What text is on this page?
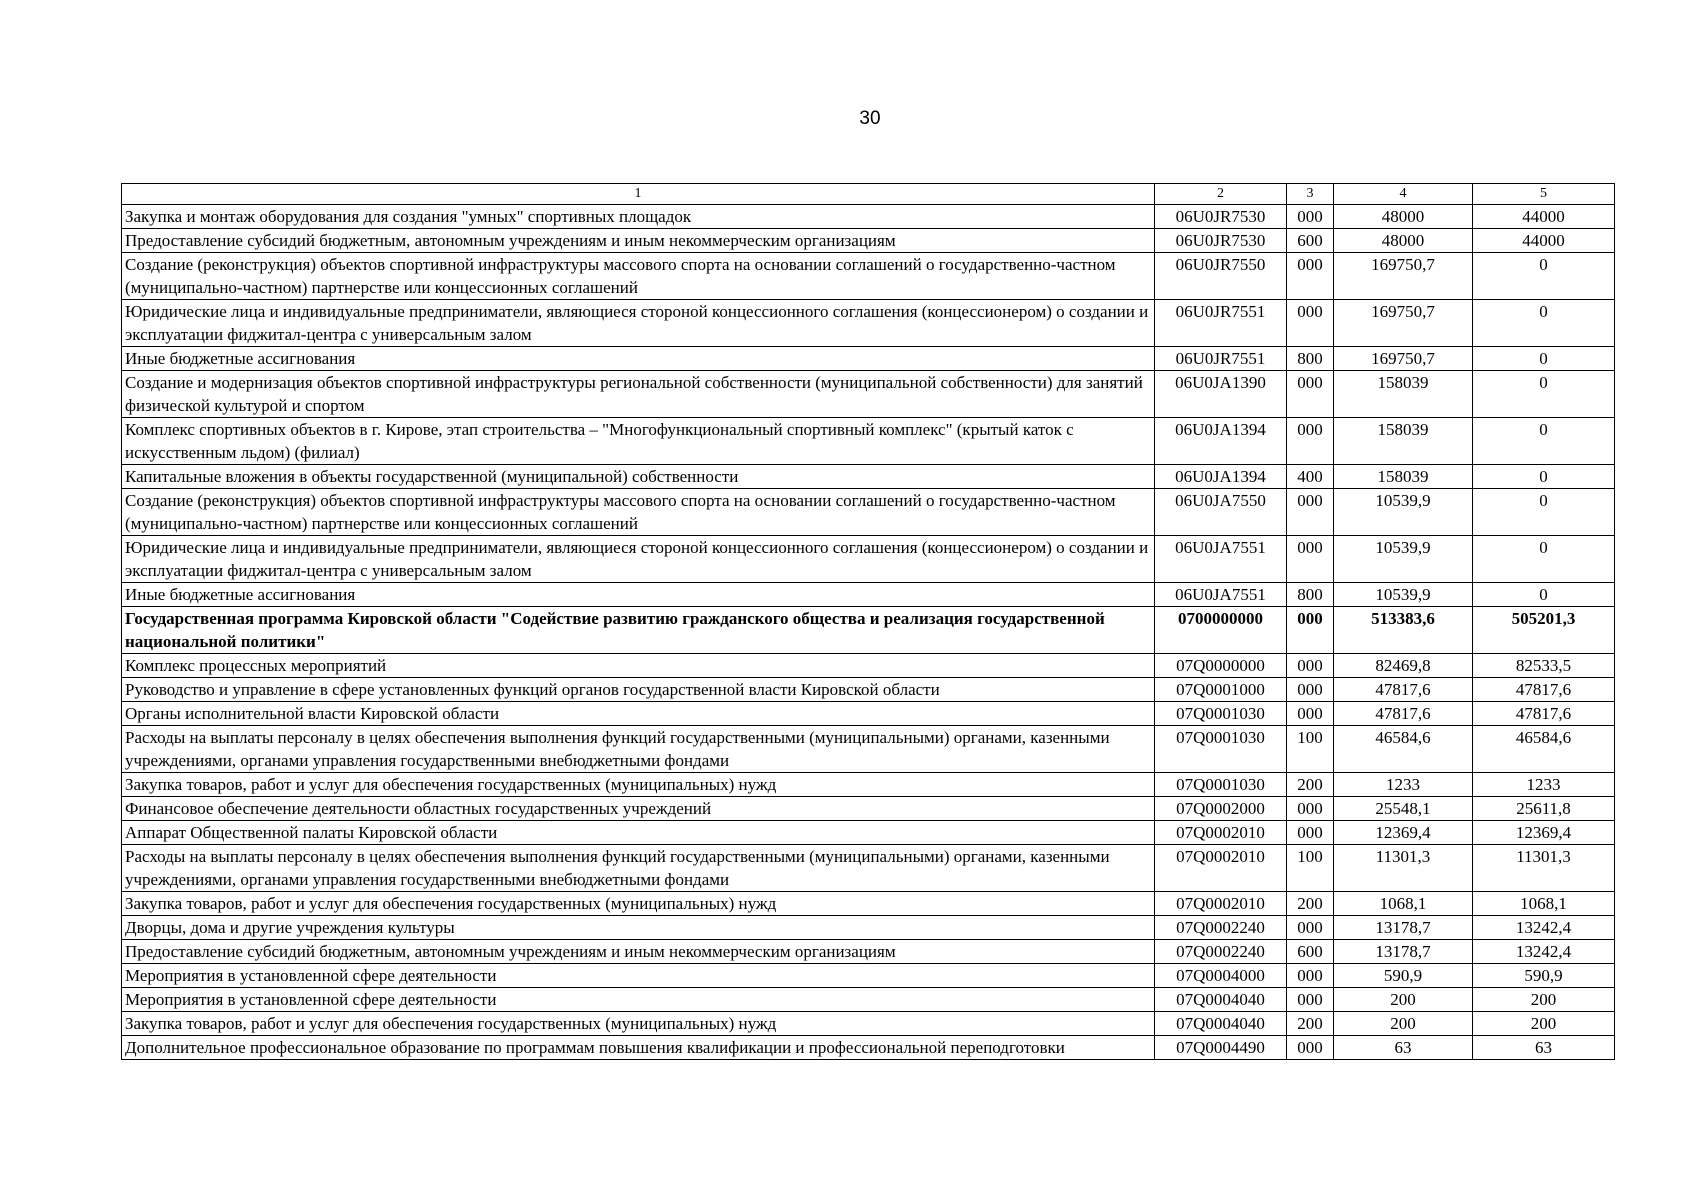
30
1	2	3	4	5
Закупка и монтаж оборудования для создания "умных" спортивных площадок	06U0JR7530	000	48000	44000
Предоставление субсидий бюджетным, автономным учреждениям и иным некоммерческим организациям	06U0JR7530	600	48000	44000
Создание (реконструкция) объектов спортивной инфраструктуры массового спорта на основании соглашений о государственно-частном (муниципально-частном) партнерстве или концессионных соглашений	06U0JR7550	000	169750,7	0
Юридические лица и индивидуальные предприниматели, являющиеся стороной концессионного соглашения (концессионером) о создании и эксплуатации фиджитал-центра с универсальным залом	06U0JR7551	000	169750,7	0
Иные бюджетные ассигнования	06U0JR7551	800	169750,7	0
Создание и модернизация объектов спортивной инфраструктуры региональной собственности (муниципальной собственности) для занятий физической культурой и спортом	06U0JA1390	000	158039	0
Комплекс спортивных объектов в г. Кирове, этап строительства – "Многофункциональный спортивный комплекс" (крытый каток с искусственным льдом) (филиал)	06U0JA1394	000	158039	0
Капитальные вложения в объекты государственной (муниципальной) собственности	06U0JA1394	400	158039	0
Создание (реконструкция) объектов спортивной инфраструктуры массового спорта на основании соглашений о государственно-частном (муниципально-частном) партнерстве или концессионных соглашений	06U0JA7550	000	10539,9	0
Юридические лица и индивидуальные предприниматели, являющиеся стороной концессионного соглашения (концессионером) о создании и эксплуатации фиджитал-центра с универсальным залом	06U0JA7551	000	10539,9	0
Иные бюджетные ассигнования	06U0JA7551	800	10539,9	0
Государственная программа Кировской области "Содействие развитию гражданского общества и реализация государственной национальной политики"	0700000000	000	513383,6	505201,3
Комплекс процессных мероприятий	07Q0000000	000	82469,8	82533,5
Руководство и управление в сфере установленных функций органов государственной власти Кировской области	07Q0001000	000	47817,6	47817,6
Органы исполнительной власти Кировской области	07Q0001030	000	47817,6	47817,6
Расходы на выплаты персоналу в целях обеспечения выполнения функций государственными (муниципальными) органами, казенными учреждениями, органами управления государственными внебюджетными фондами	07Q0001030	100	46584,6	46584,6
Закупка товаров, работ и услуг для обеспечения государственных (муниципальных) нужд	07Q0001030	200	1233	1233
Финансовое обеспечение деятельности областных государственных учреждений	07Q0002000	000	25548,1	25611,8
Аппарат Общественной палаты Кировской области	07Q0002010	000	12369,4	12369,4
Расходы на выплаты персоналу в целях обеспечения выполнения функций государственными (муниципальными) органами, казенными учреждениями, органами управления государственными внебюджетными фондами	07Q0002010	100	11301,3	11301,3
Закупка товаров, работ и услуг для обеспечения государственных (муниципальных) нужд	07Q0002010	200	1068,1	1068,1
Дворцы, дома и другие учреждения культуры	07Q0002240	000	13178,7	13242,4
Предоставление субсидий бюджетным, автономным учреждениям и иным некоммерческим организациям	07Q0002240	600	13178,7	13242,4
Мероприятия в установленной сфере деятельности	07Q0004000	000	590,9	590,9
Мероприятия в установленной сфере деятельности	07Q0004040	000	200	200
Закупка товаров, работ и услуг для обеспечения государственных (муниципальных) нужд	07Q0004040	200	200	200
Дополнительное профессиональное образование по программам повышения квалификации и профессиональной переподготовки	07Q0004490	000	63	63
